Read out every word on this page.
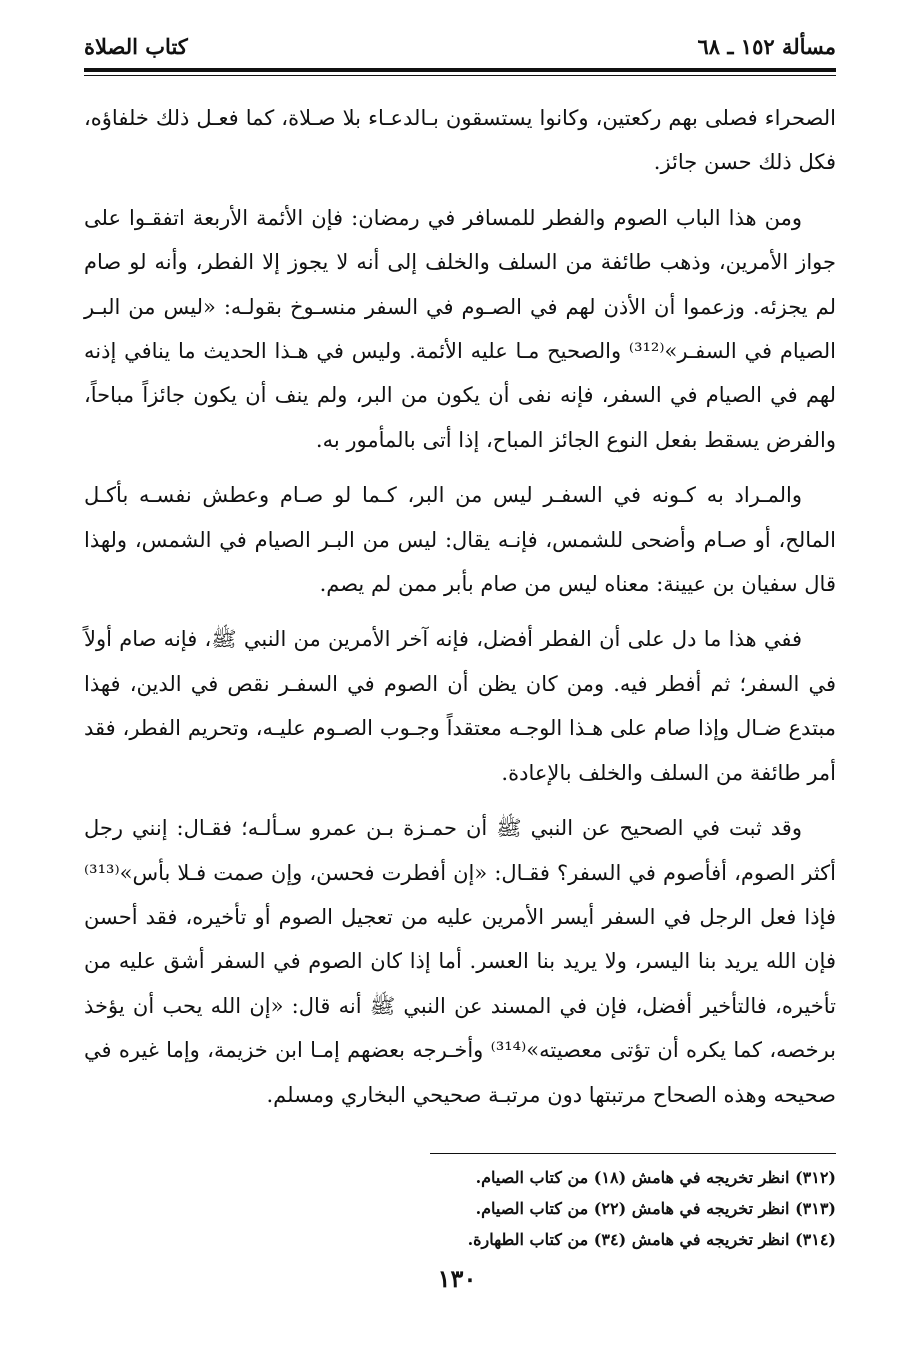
مسألة ١٥٢ ـ ٦٨
كتاب الصلاة

الصحراء فصلى بهم ركعتين، وكانوا يستسقون بـالدعـاء بلا صـلاة، كما فعـل ذلك خلفاؤه، فكل ذلك حسن جائز.

ومن هذا الباب الصوم والفطر للمسافر في رمضان: فإن الأئمة الأربعة اتفقـوا على جواز الأمرين، وذهب طائفة من السلف والخلف إلى أنه لا يجوز إلا الفطر، وأنه لو صام لم يجزئه. وزعموا أن الأذن لهم في الصـوم في السفر منسـوخ بقولـه: «ليس من البـر الصيام في السفـر»⁽³¹²⁾ والصحيح مـا عليه الأئمة. وليس في هـذا الحديث ما ينافي إذنه لهم في الصيام في السفر، فإنه نفى أن يكون من البر، ولم ينف أن يكون جائزاً مباحاً، والفرض يسقط بفعل النوع الجائز المباح، إذا أتى بالمأمور به.

والمـراد به كـونه في السفـر ليس من البر، كـما لو صـام وعطش نفسـه بأكـل المالح، أو صـام وأضحى للشمس، فإنـه يقال: ليس من البـر الصيام في الشمس، ولهذا قال سفيان بن عيينة: معناه ليس من صام بأبر ممن لم يصم.

ففي هذا ما دل على أن الفطر أفضل، فإنه آخر الأمرين من النبي ﷺ، فإنه صام أولاً في السفر؛ ثم أفطر فيه. ومن كان يظن أن الصوم في السفـر نقص في الدين، فهذا مبتدع ضـال وإذا صام على هـذا الوجـه معتقداً وجـوب الصـوم عليـه، وتحريم الفطر، فقد أمر طائفة من السلف والخلف بالإعادة.

وقد ثبت في الصحيح عن النبي ﷺ أن حمـزة بـن عمرو سـألـه؛ فقـال: إنني رجل أكثر الصوم، أفأصوم في السفر؟ فقـال: «إن أفطرت فحسن، وإن صمت فـلا بأس»⁽³¹³⁾ فإذا فعل الرجل في السفر أيسر الأمرين عليه من تعجيل الصوم أو تأخيره، فقد أحسن فإن الله يريد بنا اليسر، ولا يريد بنا العسر. أما إذا كان الصوم في السفر أشق عليه من تأخيره، فالتأخير أفضل، فإن في المسند عن النبي ﷺ أنه قال: «إن الله يحب أن يؤخذ برخصه، كما يكره أن تؤتى معصيته»⁽³¹⁴⁾ وأخـرجه بعضهم إمـا ابن خزيمة، وإما غيره في صحيحه وهذه الصحاح مرتبتها دون مرتبـة صحيحي البخاري ومسلم.

(٣١٢) انظر تخريجه في هامش (١٨) من كتاب الصيام.
(٣١٣) انظر تخريجه في هامش (٢٢) من كتاب الصيام.
(٣١٤) انظر تخريجه في هامش (٣٤) من كتاب الطهارة.
١٣٠
